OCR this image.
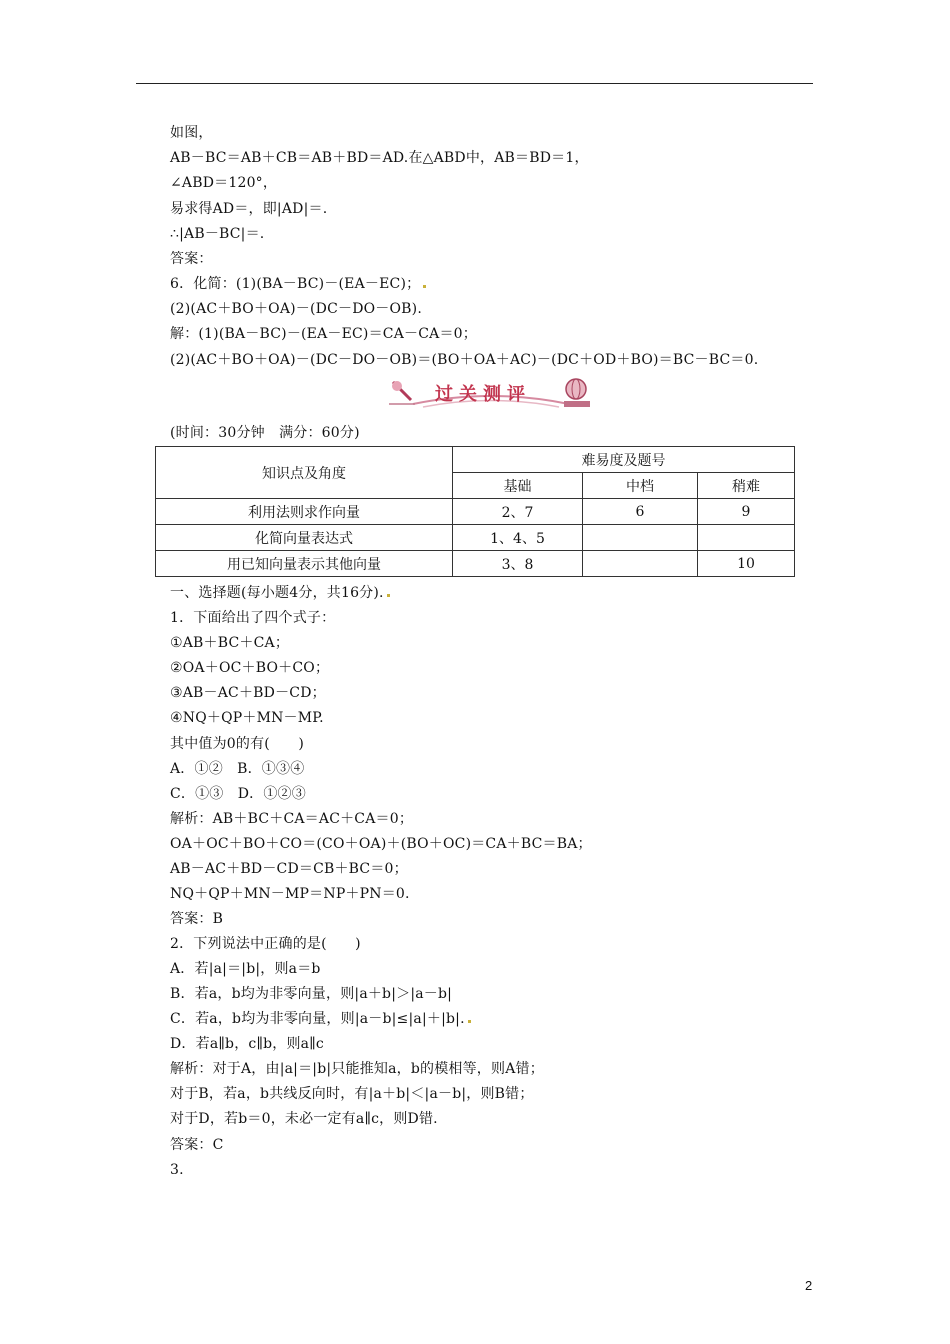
如图，
AB－BC＝AB＋CB＝AB＋BD＝AD.在△ABD中，AB＝BD＝1，
∠ABD＝120°，
易求得AD＝，即|AD|＝.
∴|AB－BC|＝.
答案：
6．化简：(1)(BA－BC)－(EA－EC)；
(2)(AC＋BO＋OA)－(DC－DO－OB).
解：(1)(BA－BC)－(EA－EC)＝CA－CA＝0；
(2)(AC＋BO＋OA)－(DC－DO－OB)＝(BO＋OA＋AC)－(DC＋OD＋BO)＝BC－BC＝0.
过关测评
(时间：30分钟　满分：60分)
知识点及角度	难易度及题号		
	基础	中档	稍难
利用法则求作向量	2、7	6	9
化简向量表达式	1、4、5		
用已知向量表示其他向量	3、8		10
一、选择题(每小题4分，共16分).
1．下面给出了四个式子：
①AB＋BC＋CA；
②OA＋OC＋BO＋CO；
③AB－AC＋BD－CD；
④NQ＋QP＋MN－MP.
其中值为0的有(　　)
A．①②　B．①③④
C．①③　D．①②③
解析：AB＋BC＋CA＝AC＋CA＝0；
OA＋OC＋BO＋CO＝(CO＋OA)＋(BO＋OC)＝CA＋BC＝BA；
AB－AC＋BD－CD＝CB＋BC＝0；
NQ＋QP＋MN－MP＝NP＋PN＝0.
答案：B
2．下列说法中正确的是(　　)
A．若|a|＝|b|，则a＝b
B．若a，b均为非零向量，则|a＋b|＞|a－b|
C．若a，b均为非零向量，则|a－b|≤|a|＋|b|.
D．若a∥b，c∥b，则a∥c
解析：对于A，由|a|＝|b|只能推知a，b的模相等，则A错；
对于B，若a，b共线反向时，有|a＋b|＜|a－b|，则B错；
对于D，若b＝0，未必一定有a∥c，则D错.
答案：C
3.
2
